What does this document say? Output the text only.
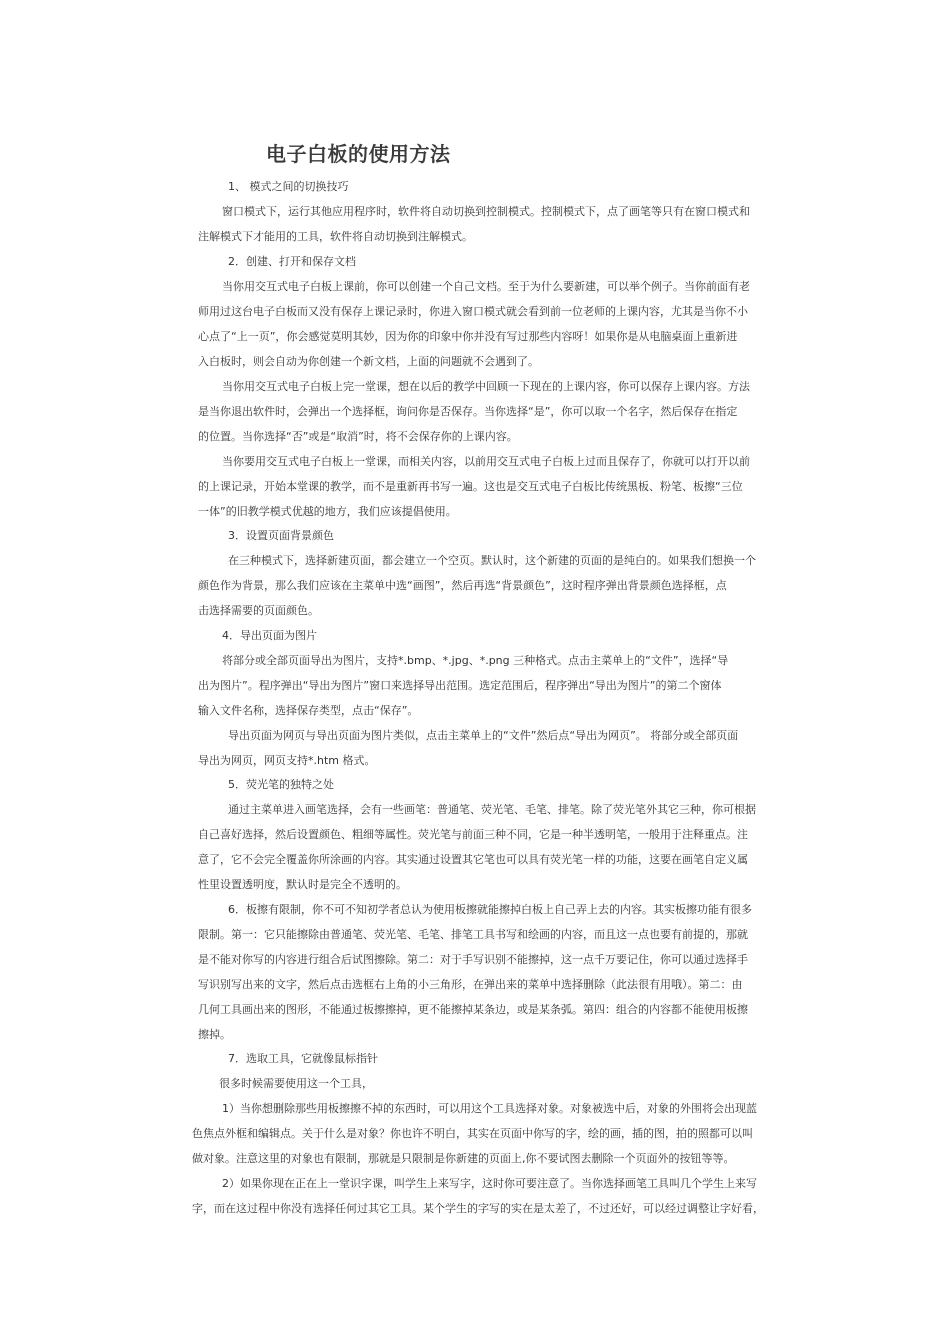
电子白板的使用方法
1、 模式之间的切换技巧
窗口模式下，运行其他应用程序时，软件将自动切换到控制模式。控制模式下，点了画笔等只有在窗口模式和
注解模式下才能用的工具，软件将自动切换到注解模式。
2．创建、打开和保存文档
当你用交互式电子白板上课前，你可以创建一个自己文档。至于为什么要新建，可以举个例子。当你前面有老
师用过这台电子白板而又没有保存上课记录时，你进入窗口模式就会看到前一位老师的上课内容，尤其是当你不小
心点了“上一页”，你会感觉莫明其妙，因为你的印象中你并没有写过那些内容呀！如果你是从电脑桌面上重新进
入白板时，则会自动为你创建一个新文档，上面的问题就不会遇到了。
当你用交互式电子白板上完一堂课，想在以后的教学中回顾一下现在的上课内容，你可以保存上课内容。方法
是当你退出软件时，会弹出一个选择框，询问你是否保存。当你选择“是”，你可以取一个名字，然后保存在指定
的位置。当你选择“否”或是“取消”时，将不会保存你的上课内容。
当你要用交互式电子白板上一堂课，而相关内容，以前用交互式电子白板上过而且保存了，你就可以打开以前
的上课记录，开始本堂课的教学，而不是重新再书写一遍。这也是交互式电子白板比传统黑板、粉笔、板擦“三位
一体”的旧教学模式优越的地方，我们应该提倡使用。
3．设置页面背景颜色
在三种模式下，选择新建页面，都会建立一个空页。默认时，这个新建的页面的是纯白的。如果我们想换一个
颜色作为背景，那么我们应该在主菜单中选“画图”，然后再选“背景颜色”，这时程序弹出背景颜色选择框，点
击选择需要的页面颜色。
4．导出页面为图片
将部分或全部页面导出为图片，支持*.bmp、*.jpg、*.png 三种格式。点击主菜单上的“文件”，选择“导
出为图片”。程序弹出“导出为图片”窗口来选择导出范围。选定范围后，程序弹出“导出为图片”的第二个窗体
输入文件名称，选择保存类型，点击“保存”。
导出页面为网页与导出页面为图片类似，点击主菜单上的“文件”然后点“导出为网页”。 将部分或全部页面
导出为网页，网页支持*.htm 格式。
5．荧光笔的独特之处
通过主菜单进入画笔选择，会有一些画笔：普通笔、荧光笔、毛笔、排笔。除了荧光笔外其它三种，你可根据
自己喜好选择，然后设置颜色、粗细等属性。荧光笔与前面三种不同，它是一种半透明笔，一般用于注释重点。注
意了，它不会完全覆盖你所涂画的内容。其实通过设置其它笔也可以具有荧光笔一样的功能，这要在画笔自定义属
性里设置透明度，默认时是完全不透明的。
6．板擦有限制，你不可不知初学者总认为使用板擦就能擦掉白板上自己弄上去的内容。其实板擦功能有很多
限制。第一：它只能擦除由普通笔、荧光笔、毛笔、排笔工具书写和绘画的内容，而且这一点也要有前提的，那就
是不能对你写的内容进行组合后试图擦除。第二：对于手写识别不能擦掉，这一点千万要记住，你可以通过选择手
写识别写出来的文字，然后点击选框右上角的小三角形，在弹出来的菜单中选择删除（此法很有用哦）。第二：由
几何工具画出来的图形，不能通过板擦擦掉，更不能擦掉某条边，或是某条弧。第四：组合的内容都不能使用板擦
擦掉。
7．选取工具，它就像鼠标指针
很多时候需要使用这一个工具，
1）当你想删除那些用板擦擦不掉的东西时，可以用这个工具选择对象。对象被选中后，对象的外围将会出现蓝
色焦点外框和编辑点。关于什么是对象？你也许不明白，其实在页面中你写的字，绘的画，插的图，拍的照都可以叫
做对象。注意这里的对象也有限制，那就是只限制是你新建的页面上,你不要试图去删除一个页面外的按钮等等。
2）如果你现在正在上一堂识字课，叫学生上来写字，这时你可要注意了。当你选择画笔工具叫几个学生上来写
字，而在这过程中你没有选择任何过其它工具。某个学生的字写的实在是太差了，不过还好，可以经过调整让字好看，
